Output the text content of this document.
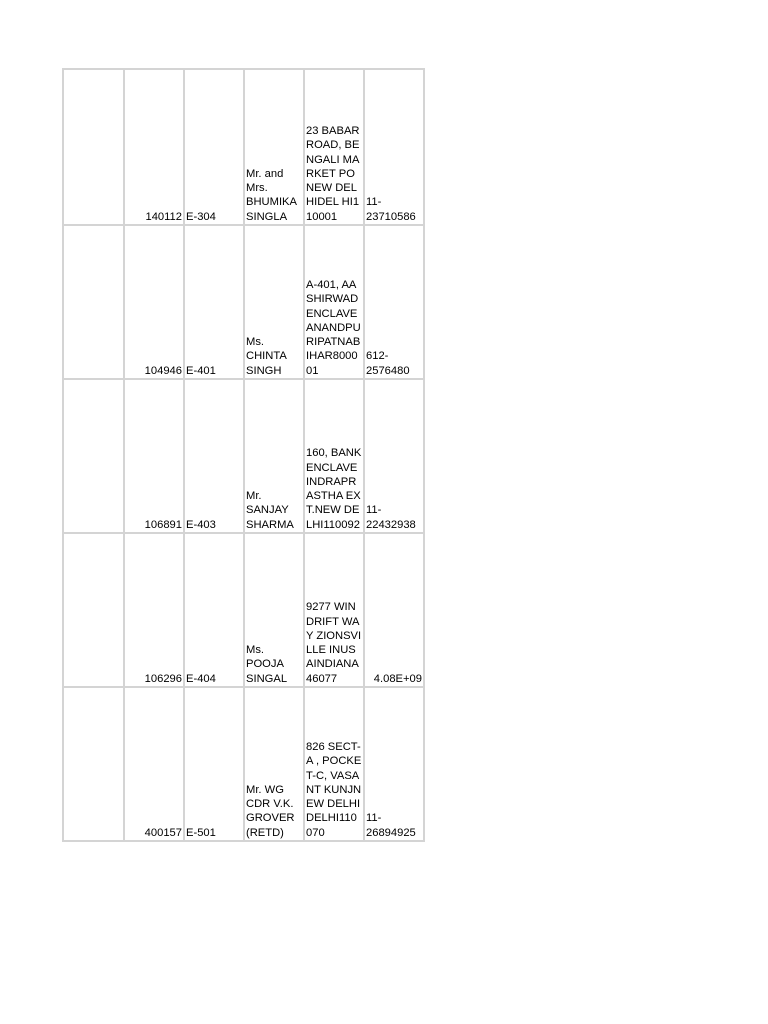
	140112	E-304	Mr. and Mrs. BHUMIKA SINGLA	23 BABAR ROAD, BENGALI MARKET PONEW DELHIDEL HI110001	11-23710586

	104946	E-401	Ms. CHINTA SINGH	A-401, AASHIRWAD ENCLAVE ANANDPURIPATNABIHAR800001	612-2576480

	106891	E-403	Mr. SANJAY SHARMA	160, BANK ENCLAVE INDRAPRASTHA EXT.NEW DELHI110092	11-22432938

	106296	E-404	Ms. POOJA SINGAL	9277 WINDRIFT WAY ZIONSVILLE INUSAINDIANA46077	4.08E+09

	400157	E-501	Mr. WG CDR V.K. GROVER (RETD)	826 SECT-A , POCKET-C, VASANT KUNJNEW DELHIDELHI110070	11-26894925
